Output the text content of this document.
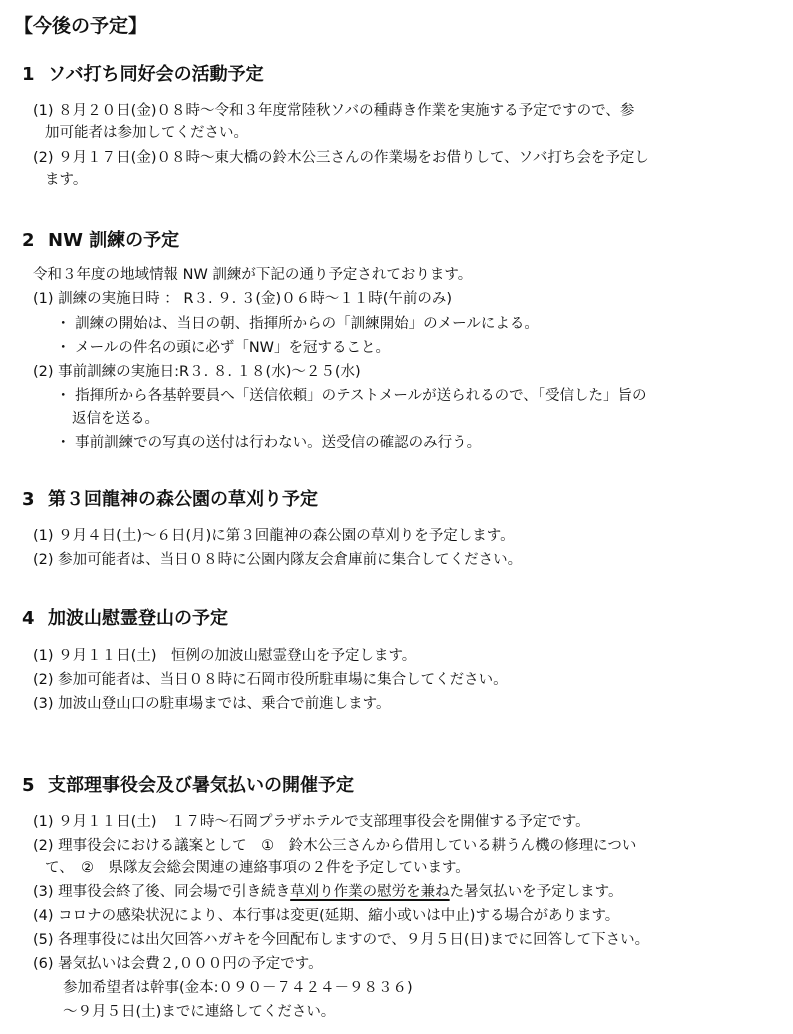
【今後の予定】
1 ソバ打ち同好会の活動予定
(1) ８月２０日(金)０８時～令和３年度常陸秋ソバの種蒔き作業を実施する予定ですので、参
加可能者は参加してください。
(2) ９月１７日(金)０８時～東大橋の鈴木公三さんの作業場をお借りして、ソバ打ち会を予定し
ます。
2 NW 訓練の予定
令和３年度の地域情報 NW 訓練が下記の通り予定されております。
(1) 訓練の実施日時 ： R３. ９. ３(金)０６時～１１時(午前のみ)
・ 訓練の開始は、当日の朝、指揮所からの「訓練開始」のメールによる。
・ メールの件名の頭に必ず「NW」を冠すること。
(2) 事前訓練の実施日:R３. ８. １８(水)～２５(水)
・ 指揮所から各基幹要員へ「送信依頼」のテストメールが送られるので、「受信した」旨の
返信を送る。
・ 事前訓練での写真の送付は行わない。送受信の確認のみ行う。
3 第３回龍神の森公園の草刈り予定
(1) ９月４日(土)～６日(月)に第３回龍神の森公園の草刈りを予定します。
(2) 参加可能者は、当日０８時に公園内隊友会倉庫前に集合してください。
4 加波山慰霊登山の予定
(1) ９月１１日(土)　恒例の加波山慰霊登山を予定します。
(2) 参加可能者は、当日０８時に石岡市役所駐車場に集合してください。
(3) 加波山登山口の駐車場までは、乗合で前進します。
5 支部理事役会及び暑気払いの開催予定
(1) ９月１１日(土)　１７時～石岡プラザホテルで支部理事役会を開催する予定です。
(2) 理事役会における議案として　①　鈴木公三さんから借用している耕うん機の修理につい
て、　②　県隊友会総会関連の連絡事項の２件を予定しています。
(3) 理事役会終了後、同会場で引き続き草刈り作業の慰労を兼ねた暑気払いを予定します。
(4) コロナの感染状況により、本行事は変更(延期、縮小或いは中止)する場合があります。
(5) 各理事役には出欠回答ハガキを今回配布しますので、９月５日(日)までに回答して下さい。
(6) 暑気払いは会費２,０００円の予定です。
参加希望者は幹事(金本:０９０－７４２４－９８３６)
～９月５日(土)までに連絡してください。
